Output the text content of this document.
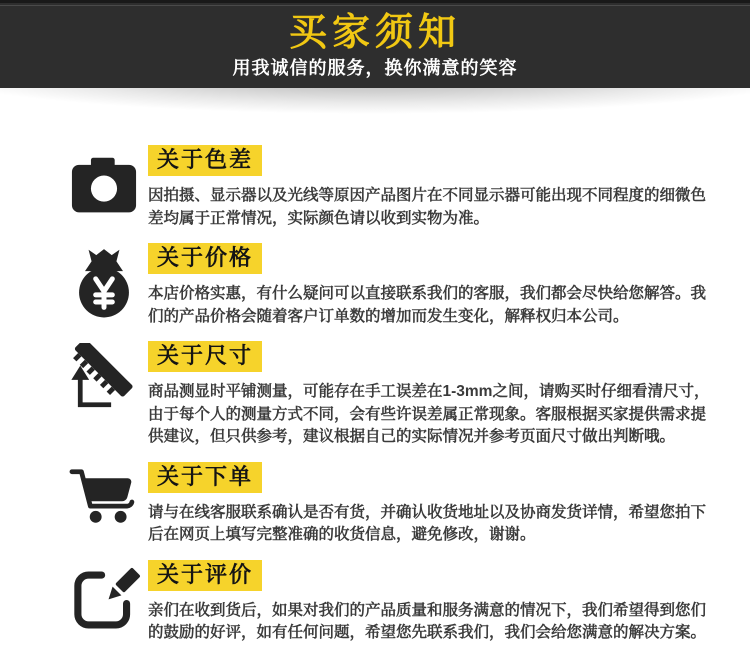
买家须知

用我诚信的服务，换你满意的笑容

关于色差

因拍摄、显示器以及光线等原因产品图片在不同显示器可能出现不同程度的细微色差均属于正常情况，实际颜色请以收到实物为准。

关于价格

本店价格实惠，有什么疑问可以直接联系我们的客服，我们都会尽快给您解答。我们的产品价格会随着客户订单数的增加而发生变化，解释权归本公司。

关于尺寸

商品测显时平铺测量，可能存在手工误差在1-3mm之间，请购买时仔细看清尺寸，由于每个人的测量方式不同，会有些许误差属正常现象。客服根据买家提供需求提供建议，但只供参考，建议根据自己的实际情况并参考页面尺寸做出判断哦。

关于下单

请与在线客服联系确认是否有货，并确认收货地址以及协商发货详情，希望您拍下后在网页上填写完整准确的收货信息，避免修改，谢谢。

关于评价

亲们在收到货后，如果对我们的产品质量和服务满意的情况下，我们希望得到您们的鼓励的好评，如有任何问题，希望您先联系我们，我们会给您满意的解决方案。
